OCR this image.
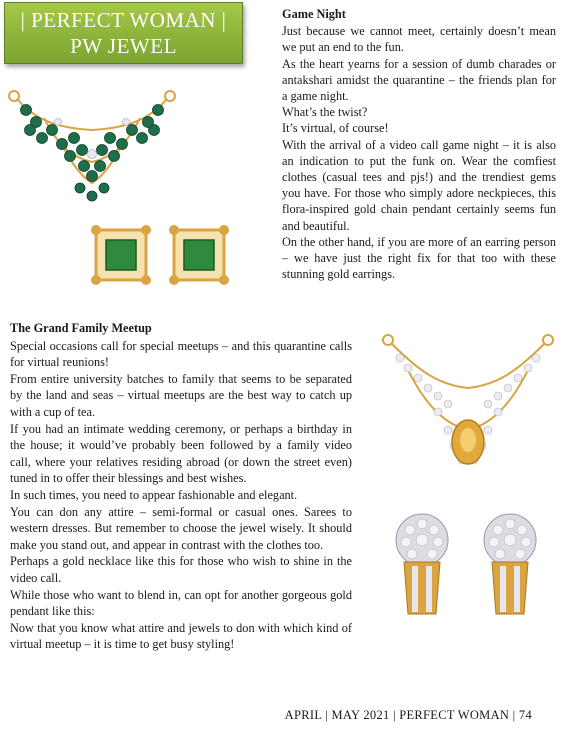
| PERFECT WOMAN |
PW JEWEL

Game Night

Just because we cannot meet, certainly doesn’t mean we put an end to the fun.

As the heart yearns for a session of dumb charades or antakshari amidst the quarantine – the friends plan for a game night.

What’s the twist?

It’s virtual, of course!

With the arrival of a video call game night – it is also an indication to put the funk on. Wear the comfiest clothes (casual tees and pjs!) and the trendiest gems you have. For those who simply adore neckpieces, this flora-inspired gold chain pendant certainly seems fun and beautiful.

On the other hand, if you are more of an earring person – we have just the right fix for that too with these stunning gold earrings.

The Grand Family Meetup

Special occasions call for special meetups – and this quarantine calls for virtual reunions!

From entire university batches to family that seems to be separated by the land and seas – virtual meetups are the best way to catch up with a cup of tea.

If you had an intimate wedding ceremony, or perhaps a birthday in the house; it would’ve probably been followed by a family video call, where your relatives residing abroad (or down the street even) tuned in to offer their blessings and best wishes.

In such times, you need to appear fashionable and elegant.

You can don any attire – semi-formal or casual ones. Sarees to western dresses. But remember to choose the jewel wisely. It should make you stand out, and appear in contrast with the clothes too.

Perhaps a gold necklace like this for those who wish to shine in the video call.

While those who want to blend in, can opt for another gorgeous gold pendant like this:

Now that you know what attire and jewels to don with which kind of virtual meetup – it is time to get busy styling!

APRIL | MAY 2021 | PERFECT WOMAN | 74
